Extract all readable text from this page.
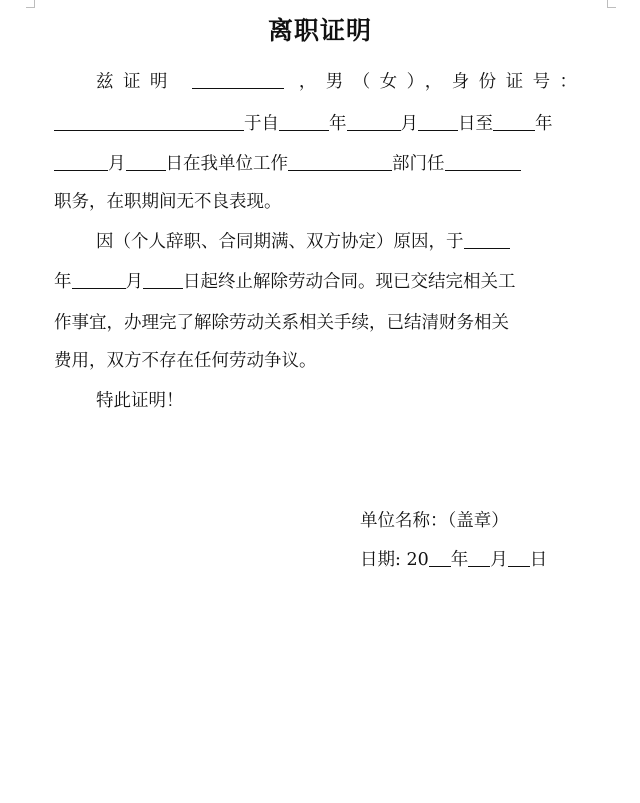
离职证明
兹证明	，男（女），身份证号：
于自	年	月 日至 年
月 日在我单位工作	部门任
职务，在职期间无不良表现。
因（个人辞职、合同期满、双方协定）原因，于
年	月 日起终止解除劳动合同。现已交结完相关工
作事宜，办理完了解除劳动关系相关手续，已结清财务相关
费用，双方不存在任何劳动争议。
特此证明！
单位名称：（盖章）
日期: 20 年 月 日
